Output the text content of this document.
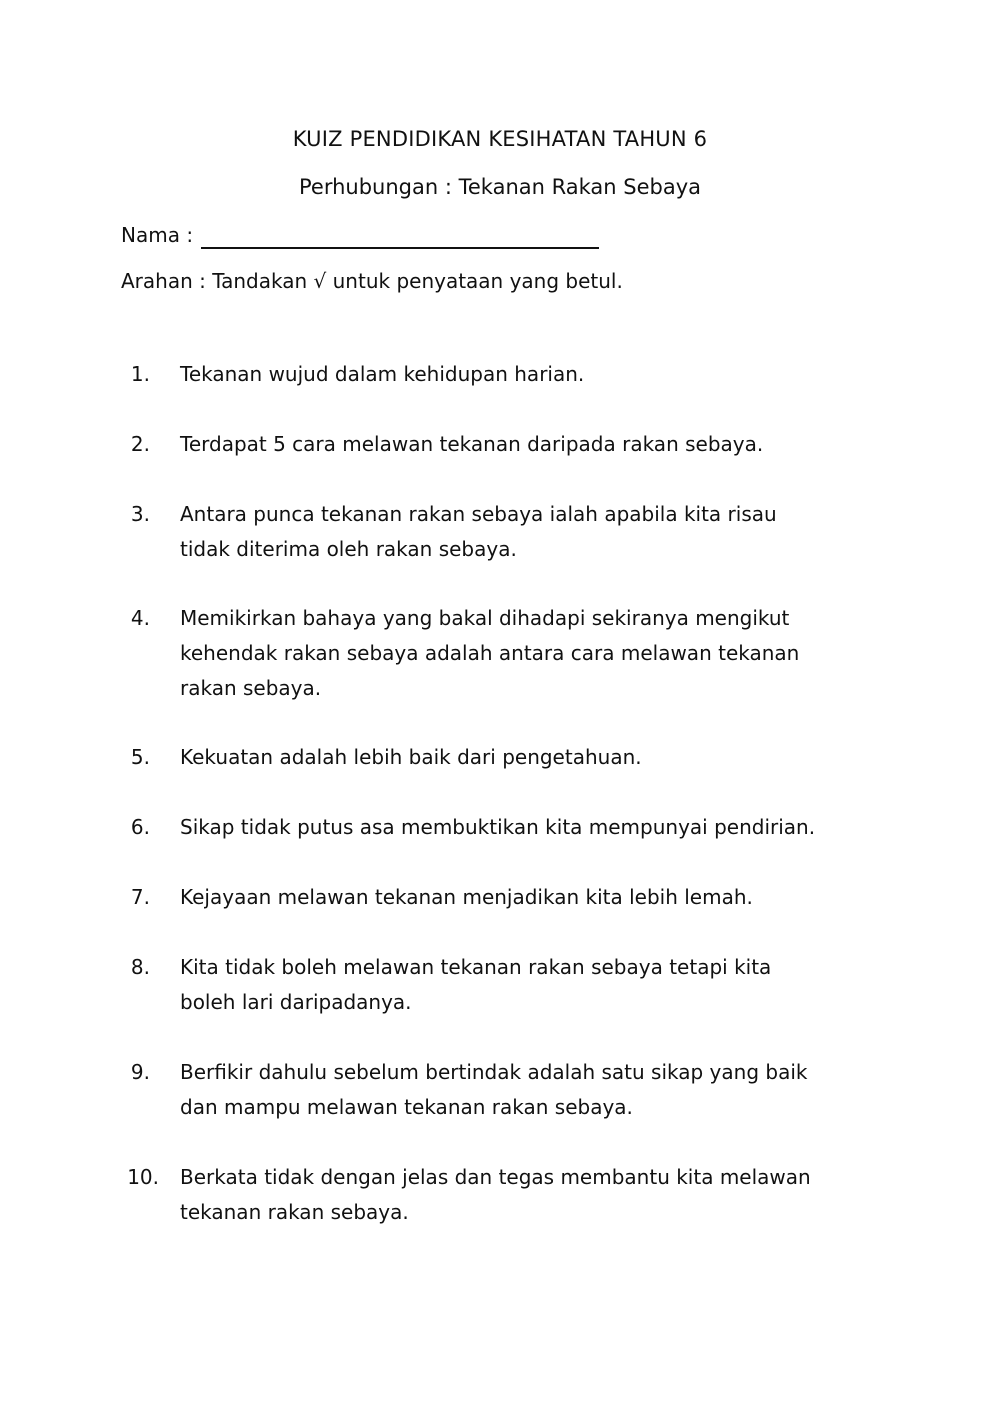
KUIZ PENDIDIKAN KESIHATAN TAHUN 6
Perhubungan : Tekanan Rakan Sebaya
Nama :
Arahan : Tandakan √ untuk penyataan yang betul.
1. Tekanan wujud dalam kehidupan harian.
2. Terdapat 5 cara melawan tekanan daripada rakan sebaya.
3. Antara punca tekanan rakan sebaya ialah apabila kita risau
tidak diterima oleh rakan sebaya.
4. Memikirkan bahaya yang bakal dihadapi sekiranya mengikut
kehendak rakan sebaya adalah antara cara melawan tekanan
rakan sebaya.
5. Kekuatan adalah lebih baik dari pengetahuan.
6. Sikap tidak putus asa membuktikan kita mempunyai pendirian.
7. Kejayaan melawan tekanan menjadikan kita lebih lemah.
8. Kita tidak boleh melawan tekanan rakan sebaya tetapi kita
boleh lari daripadanya.
9. Berfikir dahulu sebelum bertindak adalah satu sikap yang baik
dan mampu melawan tekanan rakan sebaya.
10. Berkata tidak dengan jelas dan tegas membantu kita melawan
tekanan rakan sebaya.
